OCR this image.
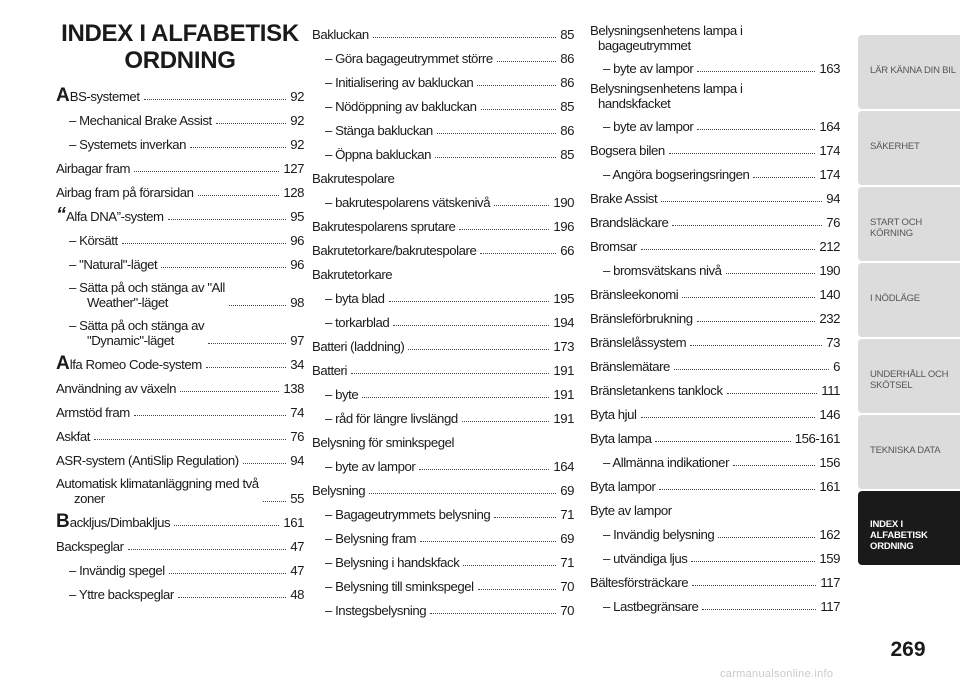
INDEX I ALFABETISK
ORDNING
ABS-systemet	92
– Mechanical Brake Assist	92
– Systemets inverkan	92
Airbagar fram	127
Airbag fram på förarsidan	128
“Alfa DNA”-system	95
– Körsätt	96
– "Natural"-läget	96
– Sätta på och stänga av "All
Weather"-läget	98
– Sätta på och stänga av
"Dynamic"-läget	97
Alfa Romeo Code-system	34
Användning av växeln	138
Armstöd fram	74
Askfat	76
ASR-system (AntiSlip Regulation)	94
Automatisk klimatanläggning med två
zoner	55
Backljus/Dimbakljus	161
Backspeglar	47
– Invändig spegel	47
– Yttre backspeglar	48
Bakluckan	85
– Göra bagageutrymmet större	86
– Initialisering av bakluckan	86
– Nödöppning av bakluckan	85
– Stänga bakluckan	86
– Öppna bakluckan	85
Bakrutespolare
– bakrutespolarens vätskenivå	190
Bakrutespolarens sprutare	196
Bakrutetorkare/bakrutespolare	66
Bakrutetorkare
– byta blad	195
– torkarblad	194
Batteri (laddning)	173
Batteri	191
– byte	191
– råd för längre livslängd	191
Belysning för sminkspegel
– byte av lampor	164
Belysning	69
– Bagageutrymmets belysning	71
– Belysning fram	69
– Belysning i handskfack	71
– Belysning till sminkspegel	70
– Instegsbelysning	70
Belysningsenhetens lampa i
bagageutrymmet
– byte av lampor	163
Belysningsenhetens lampa i
handskfacket
– byte av lampor	164
Bogsera bilen	174
– Angöra bogseringsringen	174
Brake Assist	94
Brandsläckare	76
Bromsar	212
– bromsvätskans nivå	190
Bränsleekonomi	140
Bränsleförbrukning	232
Bränslelåssystem	73
Bränslemätare	6
Bränsletankens tanklock	111
Byta hjul	146
Byta lampa	156-161
– Allmänna indikationer	156
Byta lampor	161
Byte av lampor
– Invändig belysning	162
– utvändiga ljus	159
Bältesförsträckare	117
– Lastbegränsare	117
LÄR KÄNNA DIN BIL
SÄKERHET
START OCH KÖRNING
I NÖDLÄGE
UNDERHÅLL OCH SKÖTSEL
TEKNISKA DATA
INDEX I ALFABETISK ORDNING
269
carmanualsonline.info
